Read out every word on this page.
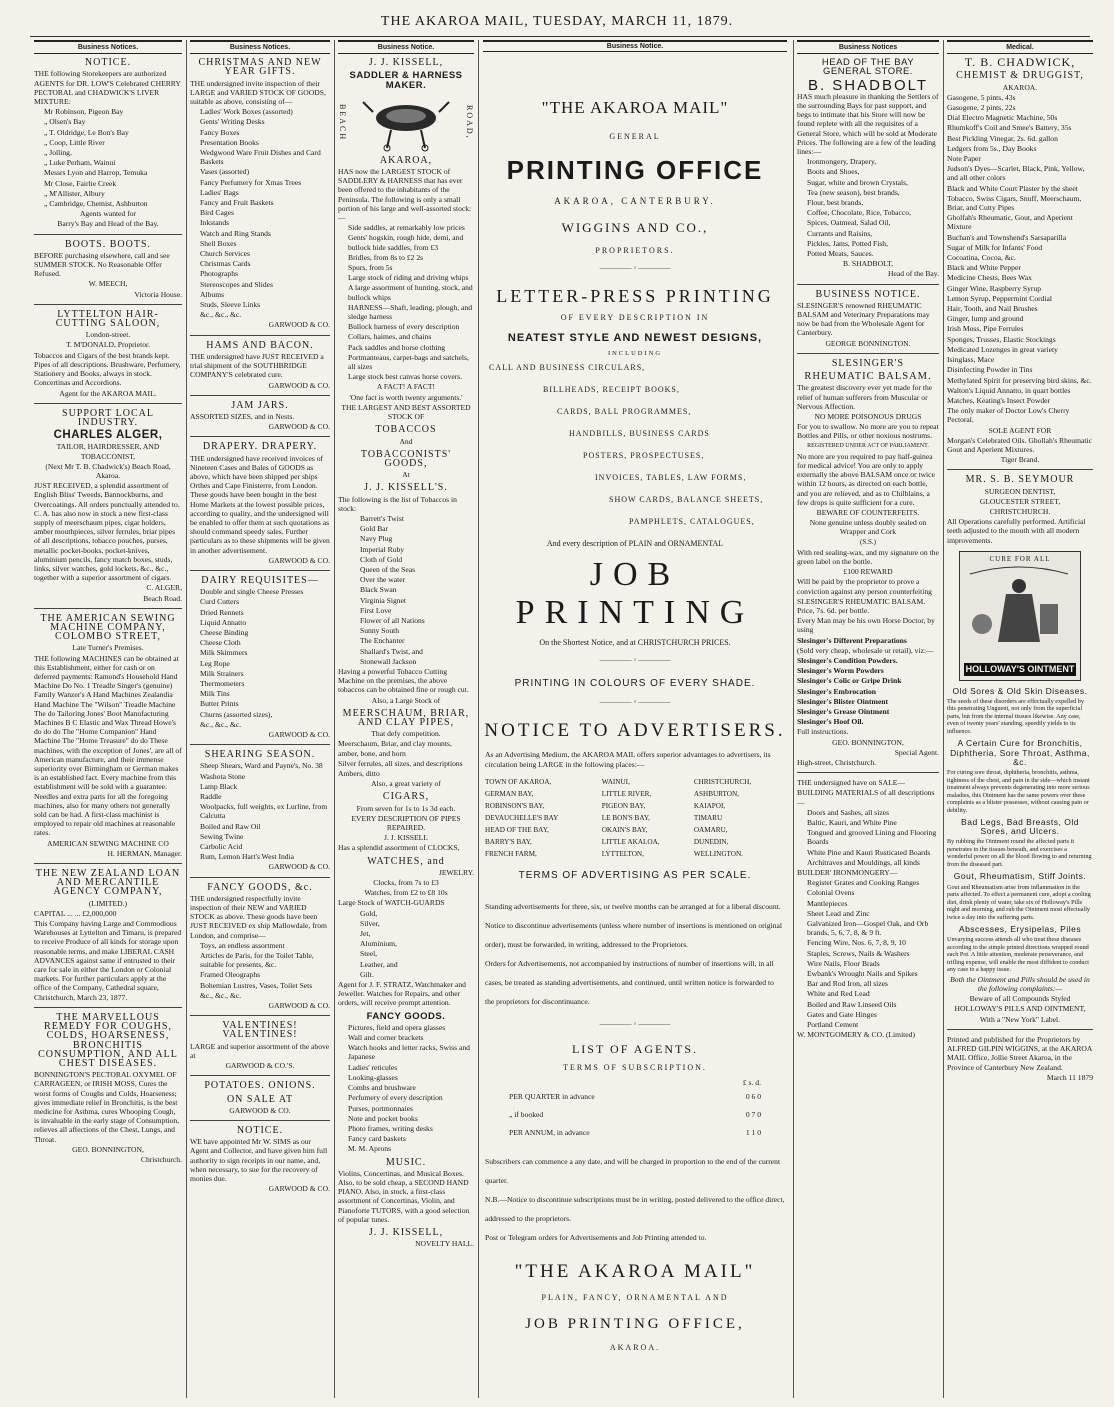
THE AKAROA MAIL, TUESDAY, MARCH 11, 1879.
Business Notices.
NOTICE.

THE following Storekeepers are authorized AGENTS for DR. LOW'S Celebrated CHERRY PECTORAL and CHADWICK'S LIVER MIXTURE:

Mr Robinson, Pigeon Bay

„ Olsen's Bay

„ T. Oldridge, Le Bon's Bay

„ Coop, Little River

„ Jolling,

„ Luke Perham, Wainui

Messrs Lyon and Harrop, Temuka

Mr Close, Fairlie Creek

„ M'Allister, Albury

„ Cambridge, Chemist, Ashburton

Agents wanted for

Barry's Bay and Head of the Bay.

BOOTS. BOOTS.

BEFORE purchasing elsewhere, call and see SUMMER STOCK. No Reasonable Offer Refused.

W. MEECH,

Victoria House.

LYTTELTON HAIR-CUTTING SALOON,

London-street.

T. M'DONALD, Proprietor.

Tobaccos and Cigars of the best brands kept. Pipes of all descriptions. Brushware, Perfumery, Stationery and Books, always in stock. Concertinas and Accordions.

Agent for the AKAROA MAIL.

SUPPORT LOCAL INDUSTRY.
CHARLES ALGER,

TAILOR, HAIRDRESSER, AND TOBACCONIST,

(Next Mr T. B. Chadwick's) Beach Road, Akaroa.

JUST RECEIVED, a splendid assortment of English Bliss' Tweeds, Bannockburns, and Overcoatings. All orders punctually attended to. C. A. has also now in stock a new first-class supply of meerschaum pipes, cigar holders, amber mouthpieces, silver ferrules, briar pipes of all descriptions, tobacco pouches, purses, metallic pocket-books, pocket-knives, aluminium pencils, fancy match boxes, studs, links, silver watches, gold lockets, &c., &c., together with a superior assortment of cigars.

C. ALGER,

Beach Road.

THE AMERICAN SEWING MACHINE COMPANY, COLOMBO STREET,

Late Turner's Premises.

THE following MACHINES can be obtained at this Establishment, either for cash or on deferred payments: Ramond's Household Hand Machine Do No. 1 Treadle Singer's (genuine) Family Wanzer's A Hand Machines Zealandia Hand Machine The "Wilson" Treadle Machine The do Tailoring Jones' Boot Manufacturing Machines B C Elastic and Wax Thread Howe's do do do The "Home Companion" Hand Machine The "Home Treasure" do do These machines, with the exception of Jones', are all of American manufacture, and their immense superiority over Birmingham or German makes is an established fact. Every machine from this establishment will be sold with a guarantee. Needles and extra parts for all the foregoing machines, also for many others not generally sold can be had. A first-class machinist is employed to repair old machines at reasonable rates.

AMERICAN SEWING MACHINE CO

H. HERMAN, Manager.

THE NEW ZEALAND LOAN AND MERCANTILE AGENCY COMPANY,

(LIMITED.)

CAPITAL ... ... £2,000,000

This Company having Large and Commodious Warehouses at Lyttelton and Timaru, is prepared to receive Produce of all kinds for storage upon reasonable terms, and make LIBERAL CASH ADVANCES against same if entrusted to their care for sale in either the London or Colonial markets. For further particulars apply at the office of the Company, Cathedral square, Christchurch, March 23, 1877.

THE MARVELLOUS REMEDY FOR COUGHS, COLDS, HOARSENESS, BRONCHITIS CONSUMPTION, AND ALL CHEST DISEASES.

BONNINGTON'S PECTORAL OXYMEL OF CARRAGEEN, or IRISH MOSS, Cures the worst forms of Coughs and Colds, Hoarseness; gives immediate relief in Bronchitis, is the best medicine for Asthma, cures Whooping Cough, is invaluable in the early stage of Consumption, relieves all affections of the Chest, Lungs, and Throat.

GEO. BONNINGTON,

Christchurch.

Business Notices.
CHRISTMAS AND NEW YEAR GIFTS.

THE undersigned invite inspection of their LARGE and VARIED STOCK OF GOODS, suitable as above, consisting of—

Ladies' Work Boxes (assorted)

Gents' Writing Desks

Fancy Boxes

Presentation Books

Wedgwood Ware Fruit Dishes and Card Baskets

Vases (assorted)

Fancy Perfumery for Xmas Trees

Ladies' Bags

Fancy and Fruit Baskets

Bird Cages

Inkstands

Watch and Ring Stands

Shell Boxes

Church Services

Christmas Cards

Photographs

Stereoscopes and Slides

Albums

Studs, Sleeve Links

&c., &c., &c.

GARWOOD & CO.

HAMS AND BACON.

THE undersigned have JUST RECEIVED a trial shipment of the SOUTHBRIDGE COMPANY'S celebrated cure.

GARWOOD & CO.

JAM JARS.

ASSORTED SIZES, and in Nests.

GARWOOD & CO.

DRAPERY. DRAPERY.

THE undersigned have received invoices of Nineteen Cases and Bales of GOODS as above, which have been shipped per ships Orthes and Cape Finisterre, from London. These goods have been bought in the best Home Markets at the lowest possible prices, according to quality, and the undersigned will be enabled to offer them at such quotations as should command speedy sales. Further particulars as to these shipments will be given in another advertisement.

GARWOOD & CO.

DAIRY REQUISITES—

Double and single Cheese Presses

Curd Cutters

Dried Rennets

Liquid Annatto

Cheese Binding

Cheese Cloth

Milk Skimmers

Leg Rope

Milk Strainers

Thermometers

Milk Tins

Butter Prints

Churns (assorted sizes),

&c., &c., &c.

GARWOOD & CO.

SHEARING SEASON.

Sheep Shears, Ward and Payne's, No. 38

Washota Stone

Lamp Black

Raddle

Woolpacks, full weights, ex Lurline, from Calcutta

Boiled and Raw Oil

Sewing Twine

Carbolic Acid

Rum, Lemon Hart's West India

GARWOOD & CO.

FANCY GOODS, &c.

THE undersigned respectfully invite inspection of their NEW and VARIED STOCK as above. These goods have been JUST RECEIVED ex ship Mallowdale, from London, and comprise—

Toys, an endless assortment

Articles de Paris, for the Toilet Table, suitable for presents, &c.

Framed Oleographs

Bohemian Lustres, Vases, Toilet Sets

&c., &c., &c.

GARWOOD & CO.

VALENTINES! VALENTINES!

LARGE and superior assortment of the above at

GARWOOD & CO.'S.

POTATOES. ONIONS.
ON SALE AT

GARWOOD & CO.

NOTICE.

WE have appointed Mr W. SIMS as our Agent and Collector, and have given him full authority to sign receipts in our name, and, when necessary, to sue for the recovery of monies due.

GARWOOD & CO.

Business Notice.
J. J. KISSELL,
SADDLER & HARNESS MAKER.
BEACH	ROAD,
AKAROA,

HAS now the LARGEST STOCK of SADDLERY & HARNESS that has ever been offered to the inhabitants of the Peninsula. The following is only a small portion of his large and well-assorted stock:—

Side saddles, at remarkably low prices

Gents' hogskin, rough hide, demi, and bullock hide saddles, from £3

Bridles, from 8s to £2 2s

Spurs, from 5s

Large stock of riding and driving whips

A large assortment of hunting, stock, and bullock whips

HARNESS—Shaft, leading, plough, and sledge harness

Bullock harness of every description

Collars, haimes, and chains

Pack saddles and horse clothing

Portmanteaus, carpet-bags and satchels, all sizes

Large stock best canvas horse covers.

A FACT! A FACT!

'One fact is worth twenty arguments.'

THE LARGEST AND BEST ASSORTED STOCK OF

TOBACCOS

And

TOBACCONISTS' GOODS,

At

J. J. KISSELL'S.

The following is the list of Tobaccos in stock:

Barrett's Twist

Gold Bar

Navy Plug

Imperial Ruby

Cloth of Gold

Queen of the Seas

Over the water

Black Swan

Virginia Signet

First Love

Flower of all Nations

Sunny South

The Enchanter

Shallard's Twist, and

Stonewall Jackson

Having a powerful Tobacco Cutting Machine on the premises, the above tobaccos can be obtained fine or rough cut.

Also, a Large Stock of

MEERSCHAUM, BRIAR, AND CLAY PIPES,

That defy competition.

Meerschaum, Briar, and clay mounts, amber, bone, and horn

Silver ferrules, all sizes, and descriptions

Ambers, ditto

Also, a great variety of

CIGARS,

From seven for 1s to 1s 3d each.

EVERY DESCRIPTION OF PIPES REPAIRED.

J. J. KISSELL

Has a splendid assortment of CLOCKS,

WATCHES, and

JEWELRY.

Clocks, from 7s to £3

Watches, from £2 to £8 10s

Large Stock of WATCH-GUARDS

Gold,

Silver,

Jet,

Aluminium,

Steel,

Leather, and

Gilt.

Agent for J. F. STRATZ, Watchmaker and Jeweller. Watches for Repairs, and other orders, will receive prompt attention.

FANCY GOODS.

Pictures, field and opera glasses

Wall and corner brackets

Watch hooks and letter racks, Swiss and Japanese

Ladies' reticules

Looking-glasses

Combs and brushware

Perfumery of every description

Purses, portmonnaies

Note and pocket books

Photo frames, writing desks

Fancy card baskets

M. M. Aprons

MUSIC.

Violins, Concertinas, and Musical Boxes. Also, to be sold cheap, a SECOND HAND PIANO. Also, in stock, a first-class assortment of Concertinas, Violin, and Pianoforte TUTORS, with a good selection of popular tunes.

J. J. KISSELL,

NOVELTY HALL.

Business Notice.
"THE AKAROA MAIL"
GENERAL
PRINTING OFFICE
AKAROA, CANTERBURY.
WIGGINS AND CO.,
PROPRIETORS.
———— ◦ ————
LETTER-PRESS PRINTING
OF EVERY DESCRIPTION IN
NEATEST STYLE AND NEWEST DESIGNS,
INCLUDING
CALL AND BUSINESS CIRCULARS,
BILLHEADS, RECEIPT BOOKS,
CARDS, BALL PROGRAMMES,
HANDBILLS, BUSINESS CARDS
POSTERS, PROSPECTUSES,
INVOICES, TABLES, LAW FORMS,
SHOW CARDS, BALANCE SHEETS,
PAMPHLETS, CATALOGUES,
And every description of PLAIN and ORNAMENTAL
JOB PRINTING
On the Shortest Notice, and at CHRISTCHURCH PRICES.
———— ◦ ————
PRINTING IN COLOURS OF EVERY SHADE.
———— ◦ ————
NOTICE TO ADVERTISERS.
As an Advertising Medium, the AKAROA MAIL offers superior advantages to advertisers, its circulation being LARGE in the following places:—
TOWN OF AKAROA,	WAINUI,	CHRISTCHURCH,
GERMAN BAY,	LITTLE RIVER,	ASHBURTON,
ROBINSON'S BAY,	PIGEON BAY,	KAIAPOI,
DEVAUCHELLE'S BAY	LE BON'S BAY,	TIMARU
HEAD OF THE BAY,	OKAIN'S BAY,	OAMARU,
BARRY'S BAY,	LITTLE AKALOA,	DUNEDIN,
FRENCH FARM,	LYTTELTON,	WELLINGTON.
TERMS OF ADVERTISING AS PER SCALE.
Standing advertisements for three, six, or twelve months can be arranged at for a liberal discount.
Notice to discontinue advertisements (unless where number of insertions is mentioned on original order), must be forwarded, in writing, addressed to the Proprietors.
Orders for Advertisements, not accompanied by instructions of number of insertions will, in all cases, be treated as standing advertisements, and continued, until written notice is forwarded to the proprietors for discontinuance.
———— ◦ ————
LIST OF AGENTS.
TERMS OF SUBSCRIPTION.
£ s. d.
PER QUARTER in advance	0 6 0
„ if booked	0 7 0
PER ANNUM, in advance	1 1 0
Subscribers can commence a any date, and will be charged in proportion to the end of the current quarter.
N.B.—Notice to discontinue subscriptions must be in writing, posted delivered to the office direct, addressed to the proprietors.
Post or Telegram orders for Advertisements and Job Printing attended to.
"THE AKAROA MAIL"
PLAIN, FANCY, ORNAMENTAL AND
JOB PRINTING OFFICE,
AKAROA.
Business Notices
HEAD OF THE BAY GENERAL STORE.
B. SHADBOLT

HAS much pleasure in thanking the Settlers of the surrounding Bays for past support, and begs to intimate that his Store will now be found replete with all the requisites of a General Store, which will be sold at Moderate Prices. The following are a few of the leading lines:—

Ironmongery, Drapery,

Boots and Shoes,

Sugar, white and brown Crystals,

Tea (new season), best brands,

Flour, best brands,

Coffee, Chocolate, Rice, Tobacco,

Spices, Oatmeal, Salad Oil,

Currants and Raisins,

Pickles, Jams, Potted Fish,

Potted Meats, Sauces.

B. SHADBOLT,

Head of the Bay.

BUSINESS NOTICE.

SLESINGER'S renowned RHEUMATIC BALSAM and Veterinary Preparations may now be had from the Wholesale Agent for Canterbury.

GEORGE BONNINGTON.

SLESINGER'S
RHEUMATIC BALSAM.

The greatest discovery ever yet made for the relief of human sufferers from Muscular or Nervous Affection.

NO MORE POISONOUS DRUGS

For you to swallow. No more are you to repeat Bottles and Pills, or other noxious nostrums.

REGISTERED UNDER ACT OF PARLIAMENT.

No more are you required to pay half-guinea for medical advice! You are only to apply externally the above BALSAM once or twice within 12 hours, as directed on each bottle, and you are relieved, and as to Chilblains, a few drops is quite sufficient for a cure.

BEWARE OF COUNTERFEITS.

None genuine unless doubly sealed on Wrapper and Cork

(S.S.)

With red sealing-wax, and my signature on the green label on the bottle.

£100 REWARD

Will be paid by the proprietor to prove a conviction against any person counterfeiting

SLESINGER'S RHEUMATIC BALSAM. Price, 7s. 6d. per bottle.

Every Man may be his own Horse Doctor, by using

Slesinger's Different Preparations

(Sold very cheap, wholesale or retail), viz:—

Slesinger's Condition Powders.

Slesinger's Worm Powders

Slesinger's Colic or Gripe Drink

Slesinger's Embrocation

Slesinger's Blister Ointment

Slesinger's Grease Ointment

Slesinger's Hoof Oil.

Full instructions.

GEO. BONNINGTON,

Special Agent.

High-street, Christchurch.

THE undersigned have on SALE—

BUILDING MATERIALS of all descriptions—

Doors and Sashes, all sizes

Baltic, Kauri, and White Pine

Tongued and grooved Lining and Flooring Boards

White Pine and Kauri Rusticated Boards

Architraves and Mouldings, all kinds

BUILDER' IRONMONGERY—

Register Grates and Cooking Ranges

Colonial Ovens

Mantlepieces

Sheet Lead and Zinc

Galvanized Iron—Gospel Oak, and Orb brands, 5, 6, 7, 8, & 9 ft.

Fencing Wire, Nos. 6, 7, 8, 9, 10

Staples, Screws, Nails & Washers

Wire Nails, Floor Brads

Ewbank's Wrought Nails and Spikes

Bar and Rod Iron, all sizes

White and Red Lead

Boiled and Raw Linseed Oils

Gates and Gate Hinges

Portland Cement

W. MONTGOMERY & CO. (Limited)

Medical.
T. B. CHADWICK,
CHEMIST & DRUGGIST,

AKAROA.

Gasogene, 5 pints, 43s

Gasogene, 2 pints, 22s

Dial Electro Magnetic Machine, 50s

Rhumkoff's Coil and Smee's Battery, 35s

Best Pickling Vinegar, 2s. 6d. gallon

Ledgers from 5s., Day Books

Note Paper

Judson's Dyes—Scarlet, Black, Pink, Yellow, and all other colors

Black and White Court Plaster by the sheet

Tobacco, Swiss Cigars, Snuff, Meerschaum, Briar, and Cutty Pipes

Gholfah's Rheumatic, Gout, and Aperient Mixture

Buchan's and Townshend's Sarsaparilla

Sugar of Milk for Infants' Food

Cocoatina, Cocoa, &c.

Black and White Pepper

Medicine Chests, Bees Wax

Ginger Wine, Raspberry Syrup

Lemon Syrup, Peppermint Cordial

Hair, Tooth, and Nail Brushes

Ginger, lump and ground

Irish Moss, Pipe Ferrules

Sponges, Trusses, Elastic Stockings

Medicated Lozenges in great variety

Isinglass, Mace

Disinfecting Powder in Tins

Methylated Spirit for preserving bird skins, &c.

Walton's Liquid Annatto, in quart bottles

Matches, Keating's Insect Powder

The only maker of Doctor Low's Cherry Pectoral.

SOLE AGENT FOR

Morgan's Celebrated Oils. Ghollah's Rheumatic Gout and Aperient Mixtures.

Tiger Brand.

MR. S. B. SEYMOUR

SURGEON DENTIST,

GLOUCESTER STREET,

CHRISTCHURCH.

All Operations carefully performed. Artificial teeth adjusted to the mouth with all modern improvements.

CURE FOR ALL
HOLLOWAY'S OINTMENT
Old Sores & Old Skin Diseases.

The seeds of these disorders are effectually expelled by this penetrating Unguent, not only from the superficial parts, but from the internal tissues likewise. Any case, even of twenty years' standing, speedily yields to its influence.

A Certain Cure for Bronchitis, Diphtheria, Sore Throat, Asthma, &c.

For curing sore throat, diphtheria, bronchitis, asthma, tightness of the chest, and pain in the side—which instant treatment always prevents degenerating into more serious maladies, this Ointment has the same powers over these complaints as a blister possesses, without causing pain or debility.

Bad Legs, Bad Breasts, Old Sores, and Ulcers.

By rubbing the Ointment round the affected parts it penetrates to the tissues beneath, and exercises a wonderful power on all the blood flowing to and returning from the diseased part.

Gout, Rheumatism, Stiff Joints.

Gout and Rheumatism arise from inflammation in the parts affected. To effect a permanent cure, adopt a cooling diet, drink plenty of water, take six of Holloway's Pills night and morning, and rub the Ointment most effectually twice a day into the suffering parts.

Abscesses, Erysipelas, Piles

Unvarying success attends all who treat these diseases according to the simple printed directions wrapped round each Pot. A little attention, moderate perseverance, and trifling expense, will enable the most diffident to conduct any case to a happy issue.

Both the Ointment and Pills should be used in the following complaints:—

Beware of all Compounds Styled

HOLLOWAY'S PILLS AND OINTMENT,

With a "New York" Label.

Printed and published for the Proprietors by ALFRED GILPIN WIGGINS, at the AKAROA MAIL Office, Jollie Street Akaroa, in the Province of Canterbury New Zealand.

March 11 1879
